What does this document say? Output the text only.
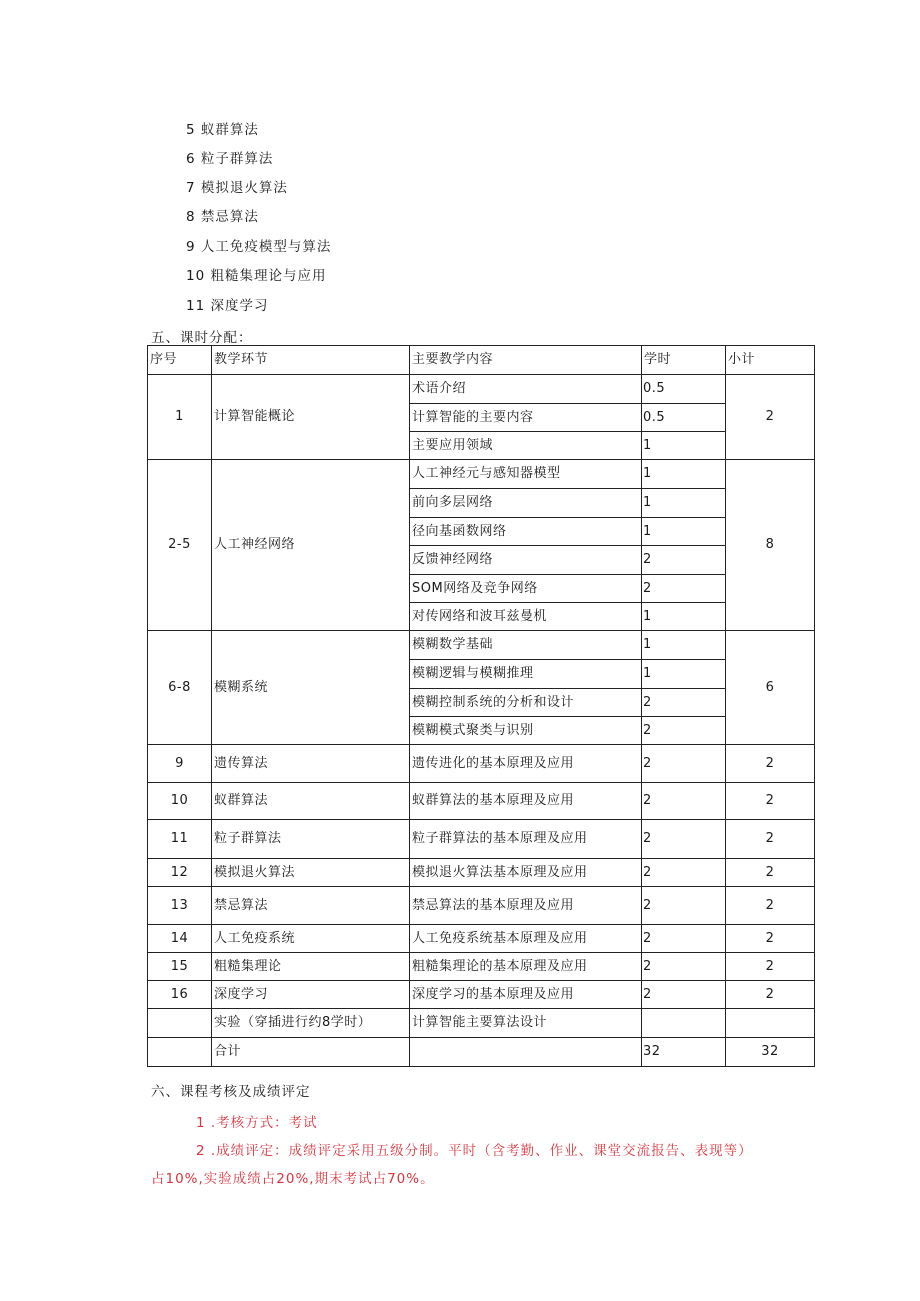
5 蚁群算法
6 粒子群算法
7 模拟退火算法
8 禁忌算法
9 人工免疫模型与算法
10 粗糙集理论与应用
11 深度学习
五、课时分配：
序号	教学环节	主要教学内容	学时	小计
1	计算智能概论	术语介绍	0.5	2
		计算智能的主要内容	0.5	
		主要应用领域	1	
2-5	人工神经网络	人工神经元与感知器模型	1	8
		前向多层网络	1	
		径向基函数网络	1	
		反馈神经网络	2	
		SOM网络及竞争网络	2	
		对传网络和波耳兹曼机	1	
6-8	模糊系统	模糊数学基础	1	6
		模糊逻辑与模糊推理	1	
		模糊控制系统的分析和设计	2	
		模糊模式聚类与识别	2	
9	遗传算法	遗传进化的基本原理及应用	2	2
10	蚁群算法	蚁群算法的基本原理及应用	2	2
11	粒子群算法	粒子群算法的基本原理及应用	2	2
12	模拟退火算法	模拟退火算法基本原理及应用	2	2
13	禁忌算法	禁忌算法的基本原理及应用	2	2
14	人工免疫系统	人工免疫系统基本原理及应用	2	2
15	粗糙集理论	粗糙集理论的基本原理及应用	2	2
16	深度学习	深度学习的基本原理及应用	2	2
	实验（穿插进行约8学时）	计算智能主要算法设计		
	合计		32	32
六、课程考核及成绩评定
1 .考核方式：考试
2 .成绩评定：成绩评定采用五级分制。平时（含考勤、作业、课堂交流报告、表现等）
占10%,实验成绩占20%,期末考试占70%。
